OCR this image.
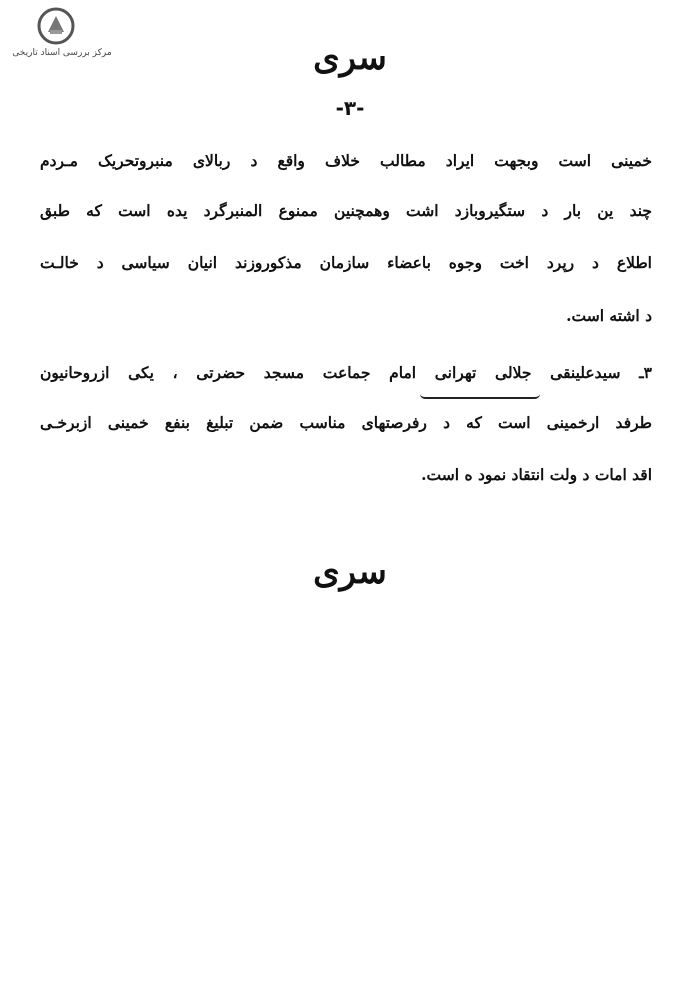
مرکز بررسی اسناد تاریخی	سری
-۳-
خمینی است وبجهت ایراد مطالب خلاف واقع د ربالای منبروتحریک مـردم
چند ین بار د ستگیروبازد اشت وهمچنین ممنوع المنبرگرد یده است که طبق
اطلاع د رپرد اخت وجوه باعضاء سازمان مذکوروزند انیان سیاسی د خالـت
د اشته است.
۳ـ سیدعلینقی جلالی تهرانی امام جماعت مسجد حضرتی ، یکی ازروحانیون
طرفد ارخمینی است که د رفرصتهای مناسب ضمن تبلیغ بنفع خمینی ازبرخـی
اقد امات د ولت انتقاد نمود ه است.
سری
